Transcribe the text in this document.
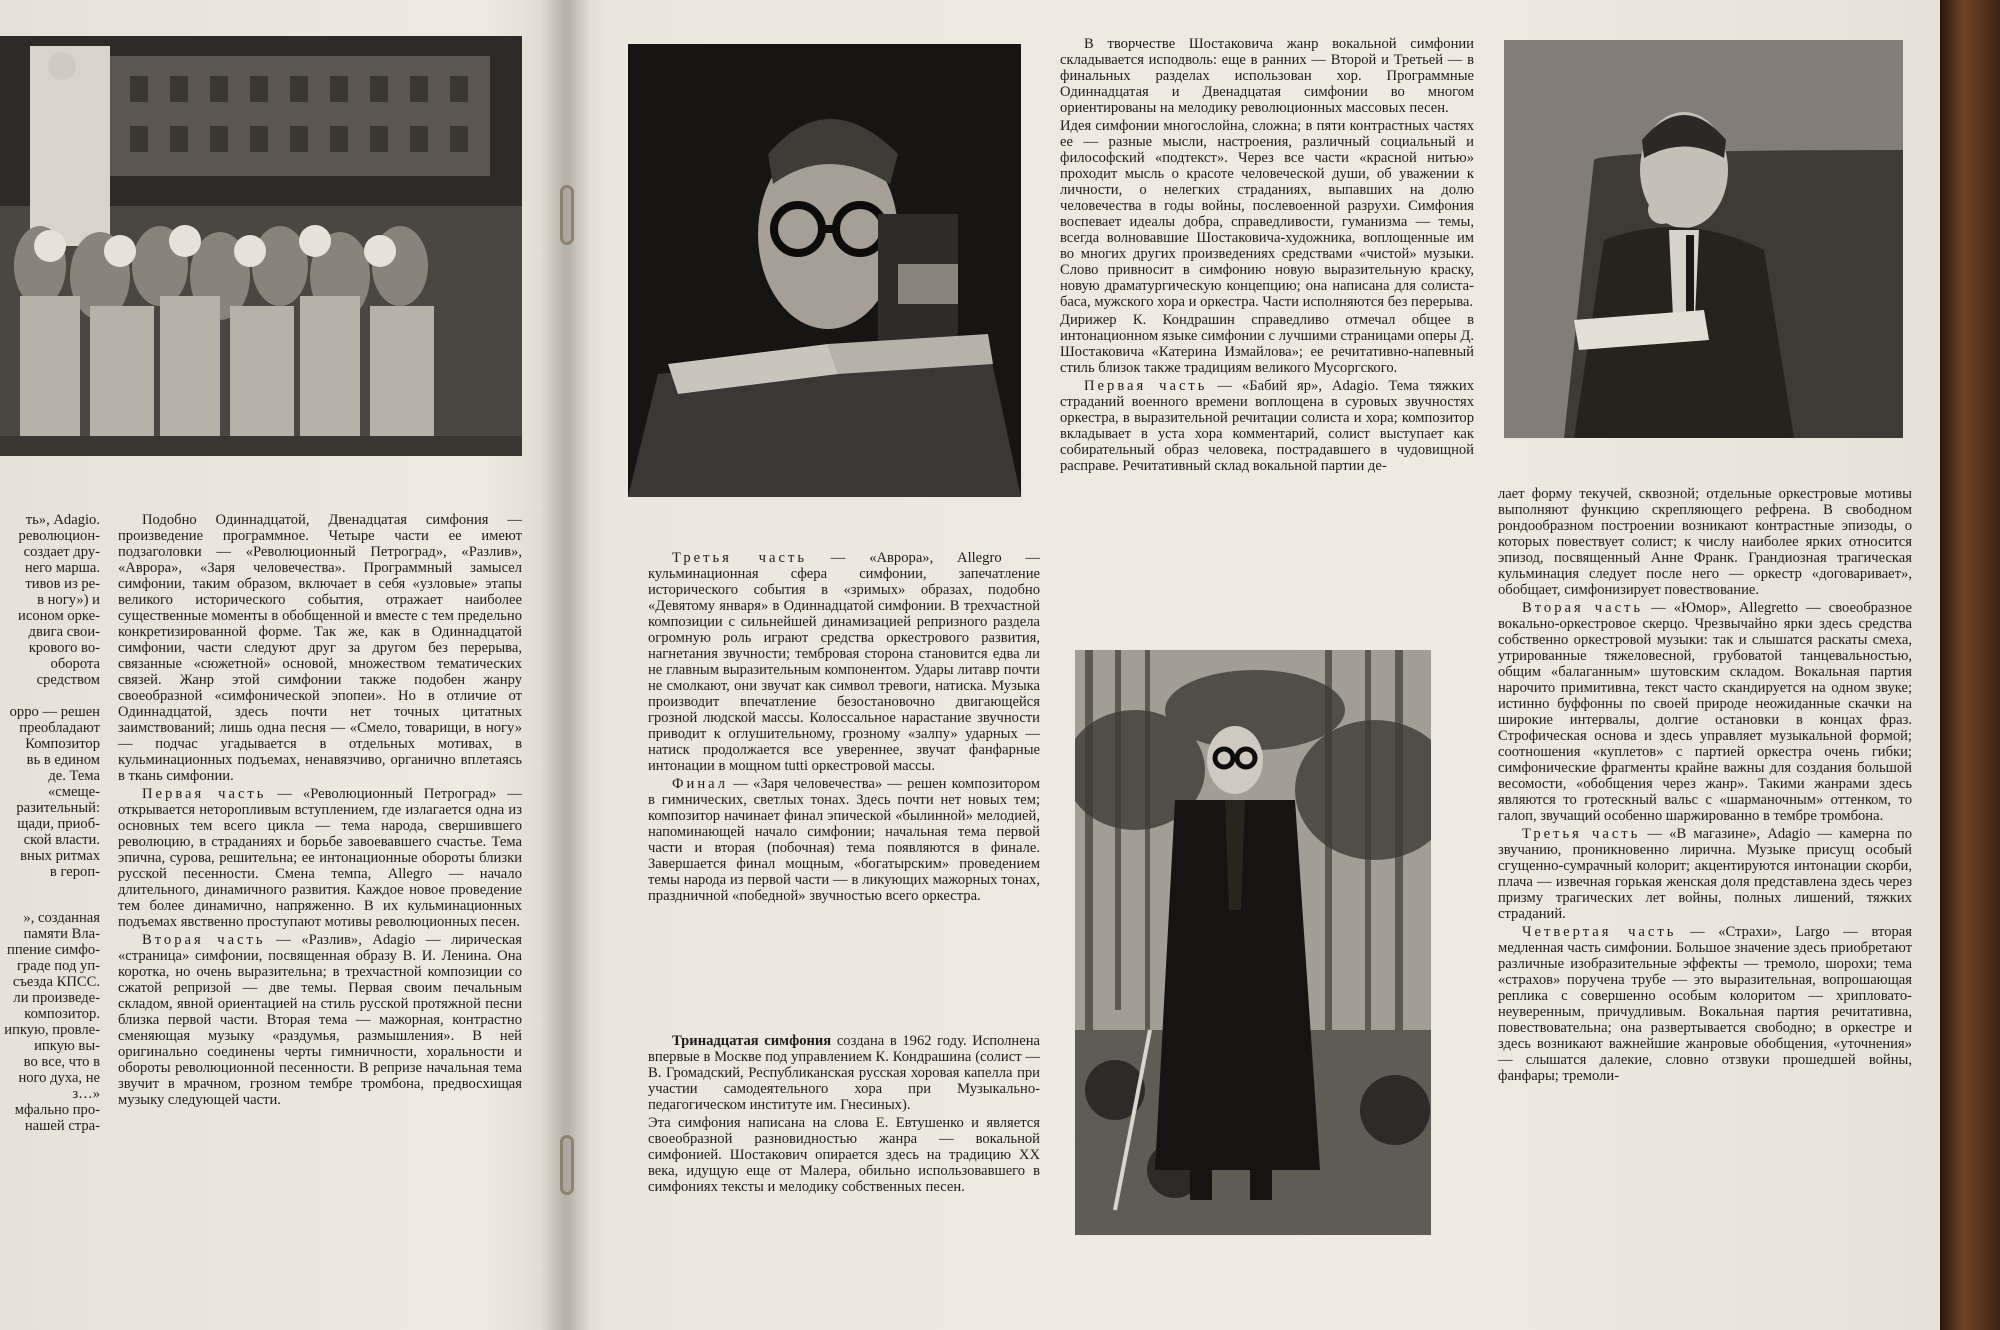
ть», Adagio.
революцион-
создает дру-
него марша.
тивов из ре-
в ногу») и
исоном орке-
двига свои-
крового во-
оборота
средством
орро — решен
преобладают
Композитор
вь в едином
де. Тема
«смеще-
разительный:
щади, приоб-
ской власти.
вных ритмах
в героп-
», созданная
памяти Вла-
ппение симфо-
граде под уп-
съезда КПСС.
ли произведе-
композитор.
ипкую, провле-
ипкую вы-
во все, что в
ного духа, не
з…»
мфально про-
нашей стра-

Подобно Одиннадцатой, Двенадцатая симфония — произведение программное. Четыре части ее имеют подзаголовки — «Революционный Петроград», «Разлив», «Аврора», «Заря человечества». Программный замысел симфонии, таким образом, включает в себя «узловые» этапы великого исторического события, отражает наиболее существенные моменты в обобщенной и вместе с тем предельно конкретизированной форме. Так же, как в Одиннадцатой симфонии, части следуют друг за другом без перерыва, связанные «сюжетной» основой, множеством тематических связей. Жанр этой симфонии также подобен жанру своеобразной «симфонической эпопеи». Но в отличие от Одиннадцатой, здесь почти нет точных цитатных заимствований; лишь одна песня — «Смело, товарищи, в ногу» — подчас угадывается в отдельных мотивах, в кульминационных подъемах, ненавязчиво, органично вплетаясь в ткань симфонии.

Первая часть — «Революционный Петроград» — открывается неторопливым вступлением, где излагается одна из основных тем всего цикла — тема народа, свершившего революцию, в страданиях и борьбе завоевавшего счастье. Тема эпична, сурова, решительна; ее интонационные обороты близки русской песенности. Смена темпа, Allegro — начало длительного, динамичного развития. Каждое новое проведение тем более динамично, напряженно. В их кульминационных подъемах явственно проступают мотивы революционных песен.

Вторая часть — «Разлив», Adagio — лирическая «страница» симфонии, посвященная образу В. И. Ленина. Она коротка, но очень выразительна; в трехчастной композиции со сжатой репризой — две темы. Первая своим печальным складом, явной ориентацией на стиль русской протяжной песни близка первой части. Вторая тема — мажорная, контрастно сменяющая музыку «раздумья, размышления». В ней оригинально соединены черты гимничности, хоральности и обороты революционной песенности. В репризе начальная тема звучит в мрачном, грозном тембре тромбона, предвосхищая музыку следующей части.

Третья часть — «Аврора», Allegro — кульминационная сфера симфонии, запечатление исторического события в «зримых» образах, подобно «Девятому января» в Одиннадцатой симфонии. В трехчастной композиции с сильнейшей динамизацией репризного раздела огромную роль играют средства оркестрового развития, нагнетания звучности; тембровая сторона становится едва ли не главным выразительным компонентом. Удары литавр почти не смолкают, они звучат как символ тревоги, натиска. Музыка производит впечатление безостановочно двигающейся грозной людской массы. Колоссальное нарастание звучности приводит к оглушительному, грозному «залпу» ударных — натиск продолжается все увереннее, звучат фанфарные интонации в мощном tutti оркестровой массы.

Финал — «Заря человечества» — решен композитором в гимнических, светлых тонах. Здесь почти нет новых тем; композитор начинает финал эпической «былинной» мелодией, напоминающей начало симфонии; начальная тема первой части и вторая (побочная) тема появляются в финале. Завершается финал мощным, «богатырским» проведением темы народа из первой части — в ликующих мажорных тонах, праздничной «победной» звучностью всего оркестра.

Тринадцатая симфония создана в 1962 году. Исполнена впервые в Москве под управлением К. Кондрашина (солист — В. Громадский, Республиканская русская хоровая капелла при участии самодеятельного хора при Музыкально-педагогическом институте им. Гнесиных).

Эта симфония написана на слова Е. Евтушенко и является своеобразной разновидностью жанра — вокальной симфонией. Шостакович опирается здесь на традицию XX века, идущую еще от Малера, обильно использовавшего в симфониях тексты и мелодику собственных песен.

В творчестве Шостаковича жанр вокальной симфонии складывается исподволь: еще в ранних — Второй и Третьей — в финальных разделах использован хор. Программные Одиннадцатая и Двенадцатая симфонии во многом ориентированы на мелодику революционных массовых песен.

Идея симфонии многослойна, сложна; в пяти контрастных частях ее — разные мысли, настроения, различный социальный и философский «подтекст». Через все части «красной нитью» проходит мысль о красоте человеческой души, об уважении к личности, о нелегких страданиях, выпавших на долю человечества в годы войны, послевоенной разрухи. Симфония воспевает идеалы добра, справедливости, гуманизма — темы, всегда волновавшие Шостаковича-художника, воплощенные им во многих других произведениях средствами «чистой» музыки. Слово привносит в симфонию новую выразительную краску, новую драматургическую концепцию; она написана для солиста-баса, мужского хора и оркестра. Части исполняются без перерыва.

Дирижер К. Кондрашин справедливо отмечал общее в интонационном языке симфонии с лучшими страницами оперы Д. Шостаковича «Катерина Измайлова»; ее речитативно-напевный стиль близок также традициям великого Мусоргского.

Первая часть — «Бабий яр», Adagio. Тема тяжких страданий военного времени воплощена в суровых звучностях оркестра, в выразительной речитации солиста и хора; композитор вкладывает в уста хора комментарий, солист выступает как собирательный образ человека, пострадавшего в чудовищной расправе. Речитативный склад вокальной партии де-

лает форму текучей, сквозной; отдельные оркестровые мотивы выполняют функцию скрепляющего рефрена. В свободном рондообразном построении возникают контрастные эпизоды, о которых повествует солист; к числу наиболее ярких относится эпизод, посвященный Анне Франк. Грандиозная трагическая кульминация следует после него — оркестр «договаривает», обобщает, симфонизирует повествование.

Вторая часть — «Юмор», Allegretto — своеобразное вокально-оркестровое скерцо. Чрезвычайно ярки здесь средства собственно оркестровой музыки: так и слышатся раскаты смеха, утрированные тяжеловесной, грубоватой танцевальностью, общим «балаганным» шутовским складом. Вокальная партия нарочито примитивна, текст часто скандируется на одном звуке; истинно буффонны по своей природе неожиданные скачки на широкие интервалы, долгие остановки в концах фраз. Строфическая основа и здесь управляет музыкальной формой; соотношения «куплетов» с партией оркестра очень гибки; симфонические фрагменты крайне важны для создания большой весомости, «обобщения через жанр». Такими жанрами здесь являются то гротескный вальс с «шарманочным» оттенком, то галоп, звучащий особенно шаржированно в тембре тромбона.

Третья часть — «В магазине», Adagio — камерна по звучанию, проникновенно лирична. Музыке присущ особый сгущенно-сумрачный колорит; акцентируются интонации скорби, плача — извечная горькая женская доля представлена здесь через призму трагических лет войны, полных лишений, тяжких страданий.

Четвертая часть — «Страхи», Largo — вторая медленная часть симфонии. Большое значение здесь приобретают различные изобразительные эффекты — тремоло, шорохи; тема «страхов» поручена трубе — это выразительная, вопрошающая реплика с совершенно особым колоритом — хрипловато-неуверенным, причудливым. Вокальная партия речитативна, повествовательна; она развертывается свободно; в оркестре и здесь возникают важнейшие жанровые обобщения, «уточнения» — слышатся далекие, словно отзвуки прошедшей войны, фанфары; тремоли-
